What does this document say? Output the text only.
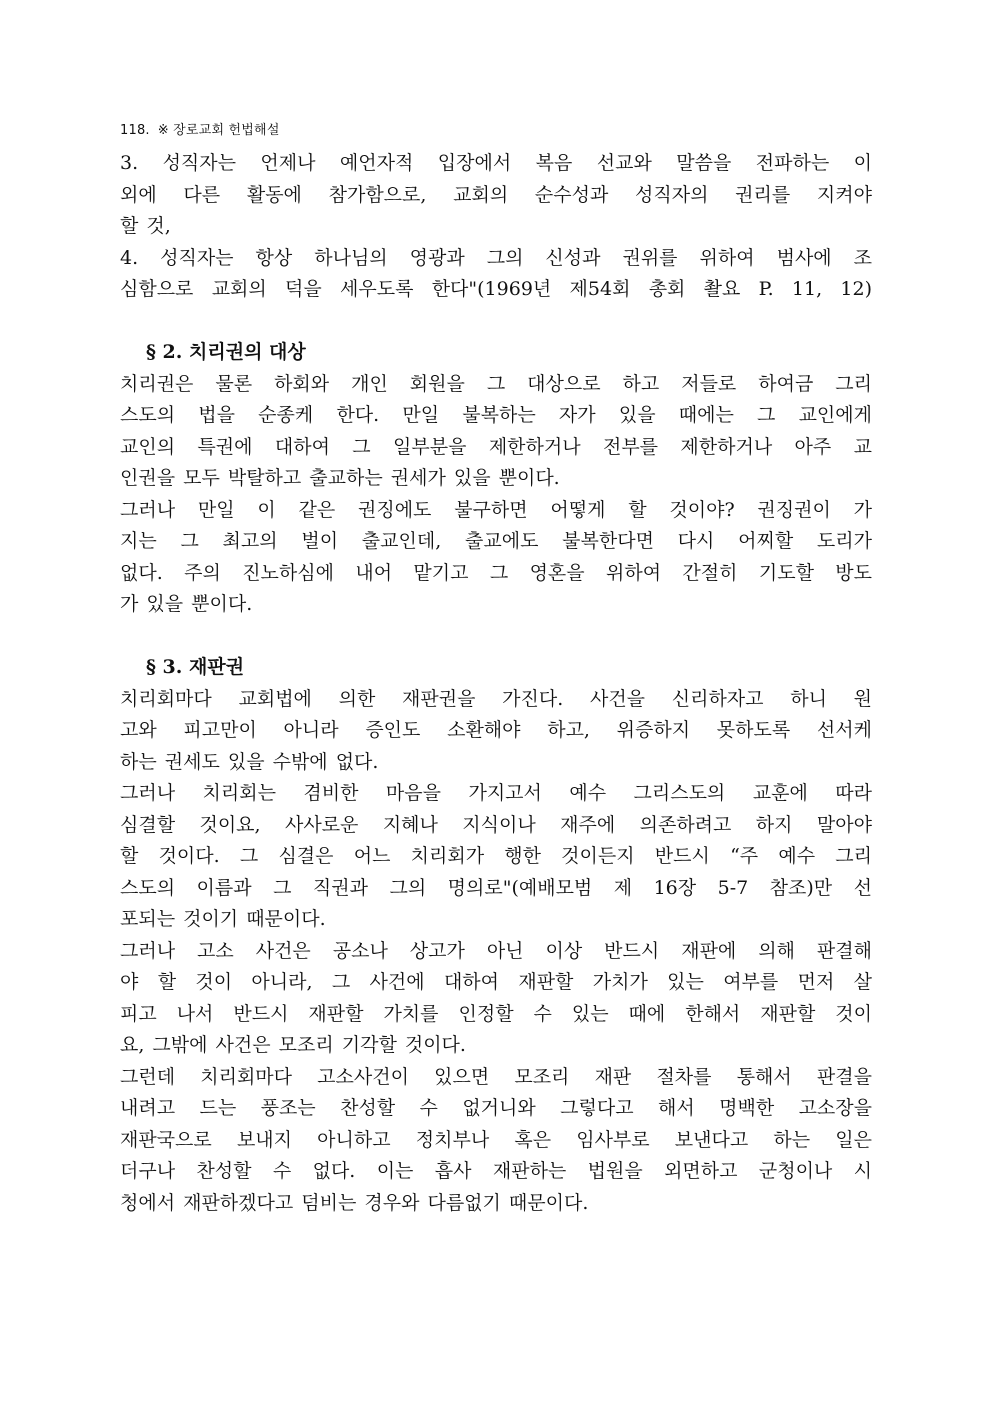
118. ※ 장로교회 헌법해설
3. 성직자는 언제나 예언자적 입장에서 복음 선교와 말씀을 전파하는 이
외에 다른 활동에 참가함으로, 교회의 순수성과 성직자의 권리를 지켜야
할 것,
4. 성직자는 항상 하나님의 영광과 그의 신성과 권위를 위하여 범사에 조
심함으로 교회의 덕을 세우도록 한다"(1969년 제54회 총회 촬요 P. 11, 12)
§ 2. 치리권의 대상
치리권은 물론 하회와 개인 회원을 그 대상으로 하고 저들로 하여금 그리
스도의 법을 순종케 한다. 만일 불복하는 자가 있을 때에는 그 교인에게
교인의 특권에 대하여 그 일부분을 제한하거나 전부를 제한하거나 아주 교
인권을 모두 박탈하고 출교하는 권세가 있을 뿐이다.
그러나 만일 이 같은 권징에도 불구하면 어떻게 할 것이야? 권징권이 가
지는 그 최고의 벌이 출교인데, 출교에도 불복한다면 다시 어찌할 도리가
없다. 주의 진노하심에 내어 맡기고 그 영혼을 위하여 간절히 기도할 방도
가 있을 뿐이다.
§ 3. 재판권
치리회마다 교회법에 의한 재판권을 가진다. 사건을 신리하자고 하니 원
고와 피고만이 아니라 증인도 소환해야 하고, 위증하지 못하도록 선서케
하는 권세도 있을 수밖에 없다.
그러나 치리회는 겸비한 마음을 가지고서 예수 그리스도의 교훈에 따라
심결할 것이요, 사사로운 지혜나 지식이나 재주에 의존하려고 하지 말아야
할 것이다. 그 심결은 어느 치리회가 행한 것이든지 반드시 “주 예수 그리
스도의 이름과 그 직권과 그의 명의로"(예배모범 제 16장 5-7 참조)만 선
포되는 것이기 때문이다.
그러나 고소 사건은 공소나 상고가 아닌 이상 반드시 재판에 의해 판결해
야 할 것이 아니라, 그 사건에 대하여 재판할 가치가 있는 여부를 먼저 살
피고 나서 반드시 재판할 가치를 인정할 수 있는 때에 한해서 재판할 것이
요, 그밖에 사건은 모조리 기각할 것이다.
그런데 치리회마다 고소사건이 있으면 모조리 재판 절차를 통해서 판결을
내려고 드는 풍조는 찬성할 수 없거니와 그렇다고 해서 명백한 고소장을
재판국으로 보내지 아니하고 정치부나 혹은 임사부로 보낸다고 하는 일은
더구나 찬성할 수 없다. 이는 흡사 재판하는 법원을 외면하고 군청이나 시
청에서 재판하겠다고 덤비는 경우와 다름없기 때문이다.
